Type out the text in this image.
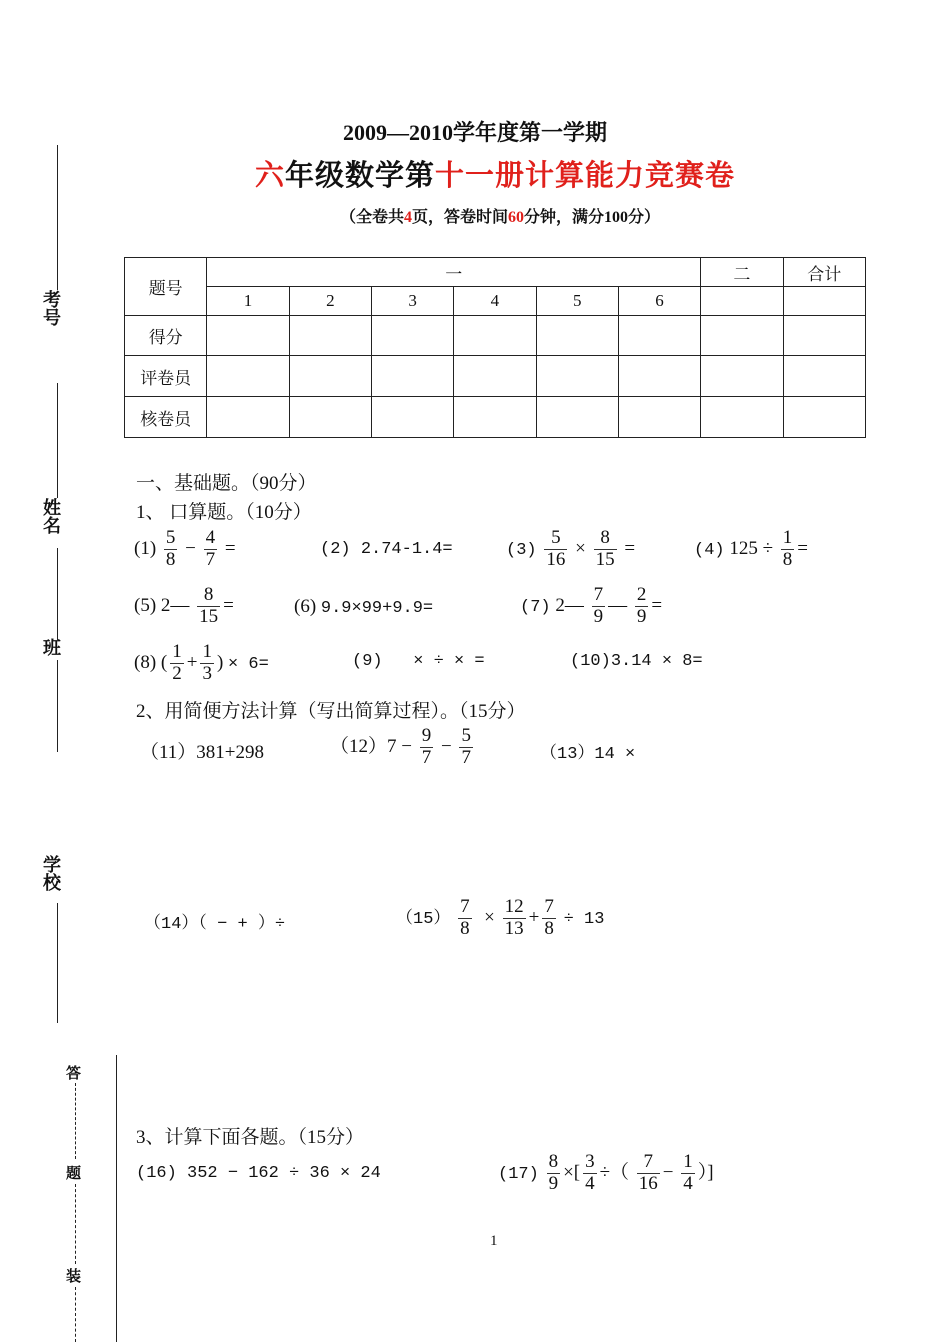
2009—2010学年度第一学期
六年级数学第十一册计算能力竞赛卷
（全卷共4页，答卷时间60分钟，满分100分）
考号
姓名
班
学校
答
题
装
题号	一						二	合计
	1	2	3	4	5	6		
得分								
评卷员								
核卷员								
一、基础题。（90分）
1、 口算题。（10分）
$(1) \frac{5}{8} - \frac{4}{7}$ =	(2) 2.74-1.4=	$(3) \frac{5}{16} \times \frac{8}{15}$ =	(4) $125 \div \frac{1}{8}$ =
(5) 2— $\frac{8}{15}$ =	(6) 9.9×99+9.9=	(7) 2— $\frac{7}{9}$ — $\frac{2}{9}$ =
(8) ( $\frac{1}{2} + \frac{1}{3}$ ) × 6=	(9) × ÷ × =	(10)3.14 × 8=
2、用简便方法计算（写出简算过程）。（15分）
（11）381+298	$(12)7 - \frac{9}{7} - \frac{5}{7}$	（13）14 ×
（14）（ − + ）÷	$(15) \frac{7}{8} \times \frac{12}{13} + \frac{7}{8} \div 13$
3、计算下面各题。（15分）
(16) 352 − 162 ÷ 36 × 24	$(17) \frac{8}{9}$ ×[ $\frac{3}{4}$ ÷（ $\frac{7}{16} - \frac{1}{4}$ ）]
1
